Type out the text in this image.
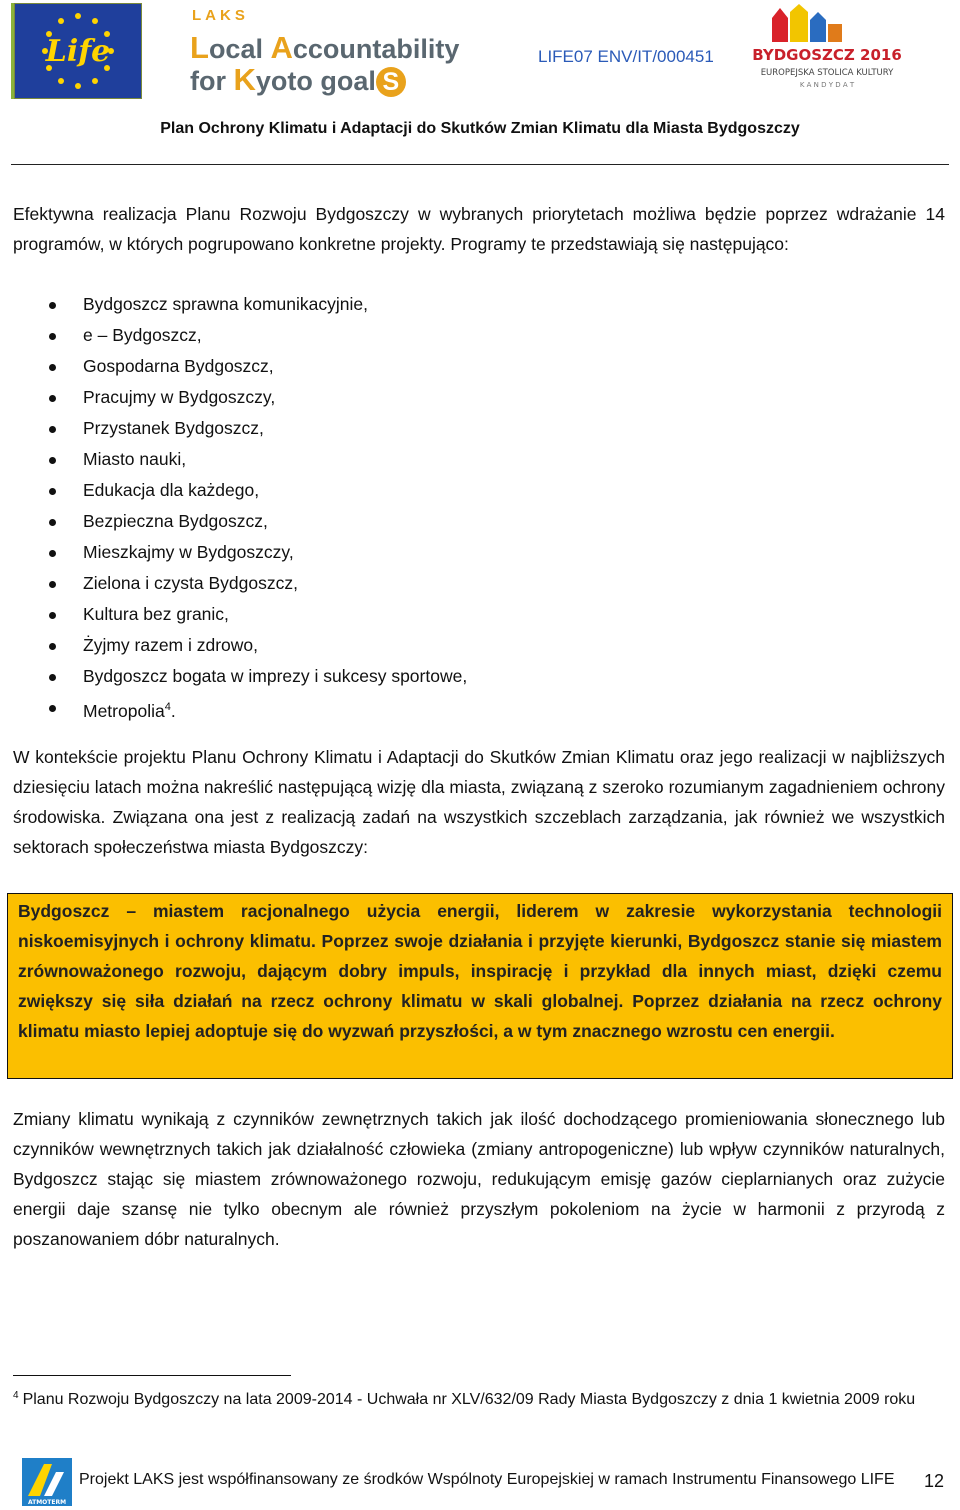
Life
LAKS
Local Accountability
for Kyoto goal S
LIFE07 ENV/IT/000451	BYDGOSZCZ 2016
EUROPEJSKA STOLICA KULTURY
K A N D Y D A T
Plan Ochrony Klimatu i Adaptacji do Skutków Zmian Klimatu dla Miasta Bydgoszczy
Efektywna realizacja Planu Rozwoju Bydgoszczy w wybranych priorytetach możliwa będzie poprzez wdrażanie 14 programów, w których pogrupowano konkretne projekty. Programy te przedstawiają się następująco:
Bydgoszcz sprawna komunikacyjnie,
e – Bydgoszcz,
Gospodarna Bydgoszcz,
Pracujmy w Bydgoszczy,
Przystanek Bydgoszcz,
Miasto nauki,
Edukacja dla każdego,
Bezpieczna Bydgoszcz,
Mieszkajmy w Bydgoszczy,
Zielona i czysta Bydgoszcz,
Kultura bez granic,
Żyjmy razem i zdrowo,
Bydgoszcz bogata w imprezy i sukcesy sportowe,
Metropolia$^4$.
W kontekście projektu Planu Ochrony Klimatu i Adaptacji do Skutków Zmian Klimatu oraz jego realizacji w najbliższych dziesięciu latach można nakreślić następującą wizję dla miasta, związaną z szeroko rozumianym zagadnieniem ochrony środowiska. Związana ona jest z realizacją zadań na wszystkich szczeblach zarządzania, jak również we wszystkich sektorach społeczeństwa miasta Bydgoszczy:
Bydgoszcz – miastem racjonalnego użycia energii, liderem w zakresie wykorzystania technologii niskoemisyjnych i ochrony klimatu. Poprzez swoje działania i przyjęte kierunki, Bydgoszcz stanie się miastem zrównoważonego rozwoju, dającym dobry impuls, inspirację i przykład dla innych miast, dzięki czemu zwiększy się siła działań na rzecz ochrony klimatu w skali globalnej. Poprzez działania na rzecz ochrony klimatu miasto lepiej adoptuje się do wyzwań przyszłości, a w tym znacznego wzrostu cen energii.
Zmiany klimatu wynikają z czynników zewnętrznych takich jak ilość dochodzącego promieniowania słonecznego lub czynników wewnętrznych takich jak działalność człowieka (zmiany antropogeniczne) lub wpływ czynników naturalnych, Bydgoszcz stając się miastem zrównoważonego rozwoju, redukującym emisję gazów cieplarnianych oraz zużycie energii daje szansę nie tylko obecnym ale również przyszłym pokoleniom na życie w harmonii z przyrodą z poszanowaniem dóbr naturalnych.
$^4$ Planu Rozwoju Bydgoszczy na lata 2009-2014 - Uchwała nr XLV/632/09 Rady Miasta Bydgoszczy z dnia 1 kwietnia 2009 roku
ATMOTERM
Projekt LAKS jest współfinansowany ze środków Wspólnoty Europejskiej w ramach Instrumentu Finansowego LIFE 12
